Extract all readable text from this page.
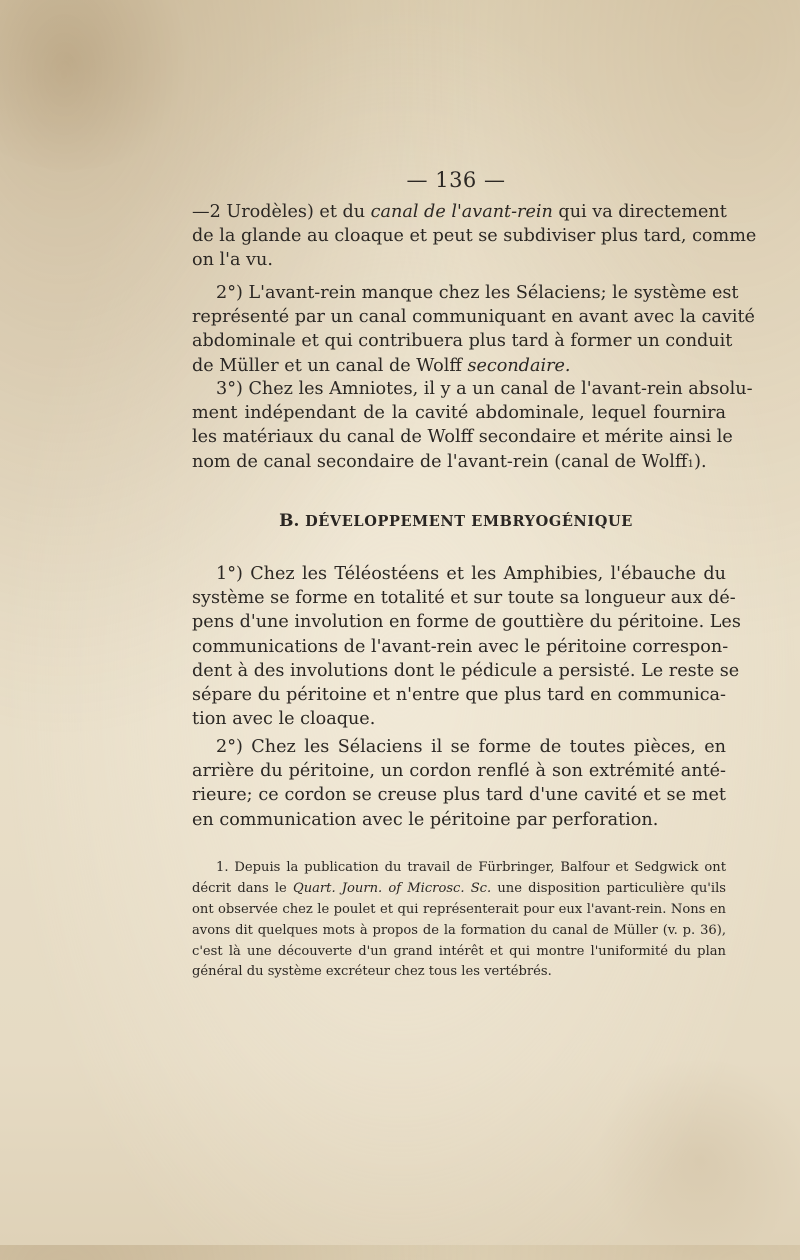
— 136 —

—2 Urodèles) et du canal de l'avant-rein qui va directement
de la glande au cloaque et peut se subdiviser plus tard, comme
on l'a vu.
2°) L'avant-rein manque chez les Sélaciens; le système est
représenté par un canal communiquant en avant avec la cavité
abdominale et qui contribuera plus tard à former un conduit
de Müller et un canal de Wolff secondaire.
3°) Chez les Amniotes, il y a un canal de l'avant-rein absolu-
ment indépendant de la cavité abdominale, lequel fournira
les matériaux du canal de Wolff secondaire et mérite ainsi le
nom de canal secondaire de l'avant-rein (canal de Wolff$^1$).

B. DÉVELOPPEMENT EMBRYOGÉNIQUE

1°) Chez les Téléostéens et les Amphibies, l'ébauche du
système se forme en totalité et sur toute sa longueur aux dé-
pens d'une involution en forme de gouttière du péritoine. Les
communications de l'avant-rein avec le péritoine correspon-
dent à des involutions dont le pédicule a persisté. Le reste se
sépare du péritoine et n'entre que plus tard en communica-
tion avec le cloaque.
2°) Chez les Sélaciens il se forme de toutes pièces, en
arrière du péritoine, un cordon renflé à son extrémité anté-
rieure; ce cordon se creuse plus tard d'une cavité et se met
en communication avec le péritoine par perforation.
1. Depuis la publication du travail de Fürbringer, Balfour et Sedgwick ont
décrit dans le Quart. Journ. of Microsc. Sc. une disposition particulière qu'ils
ont observée chez le poulet et qui représenterait pour eux l'avant-rein. Nons en
avons dit quelques mots à propos de la formation du canal de Müller (v. p. 36),
c'est là une découverte d'un grand intérêt et qui montre l'uniformité du plan
général du système excréteur chez tous les vertébrés.
